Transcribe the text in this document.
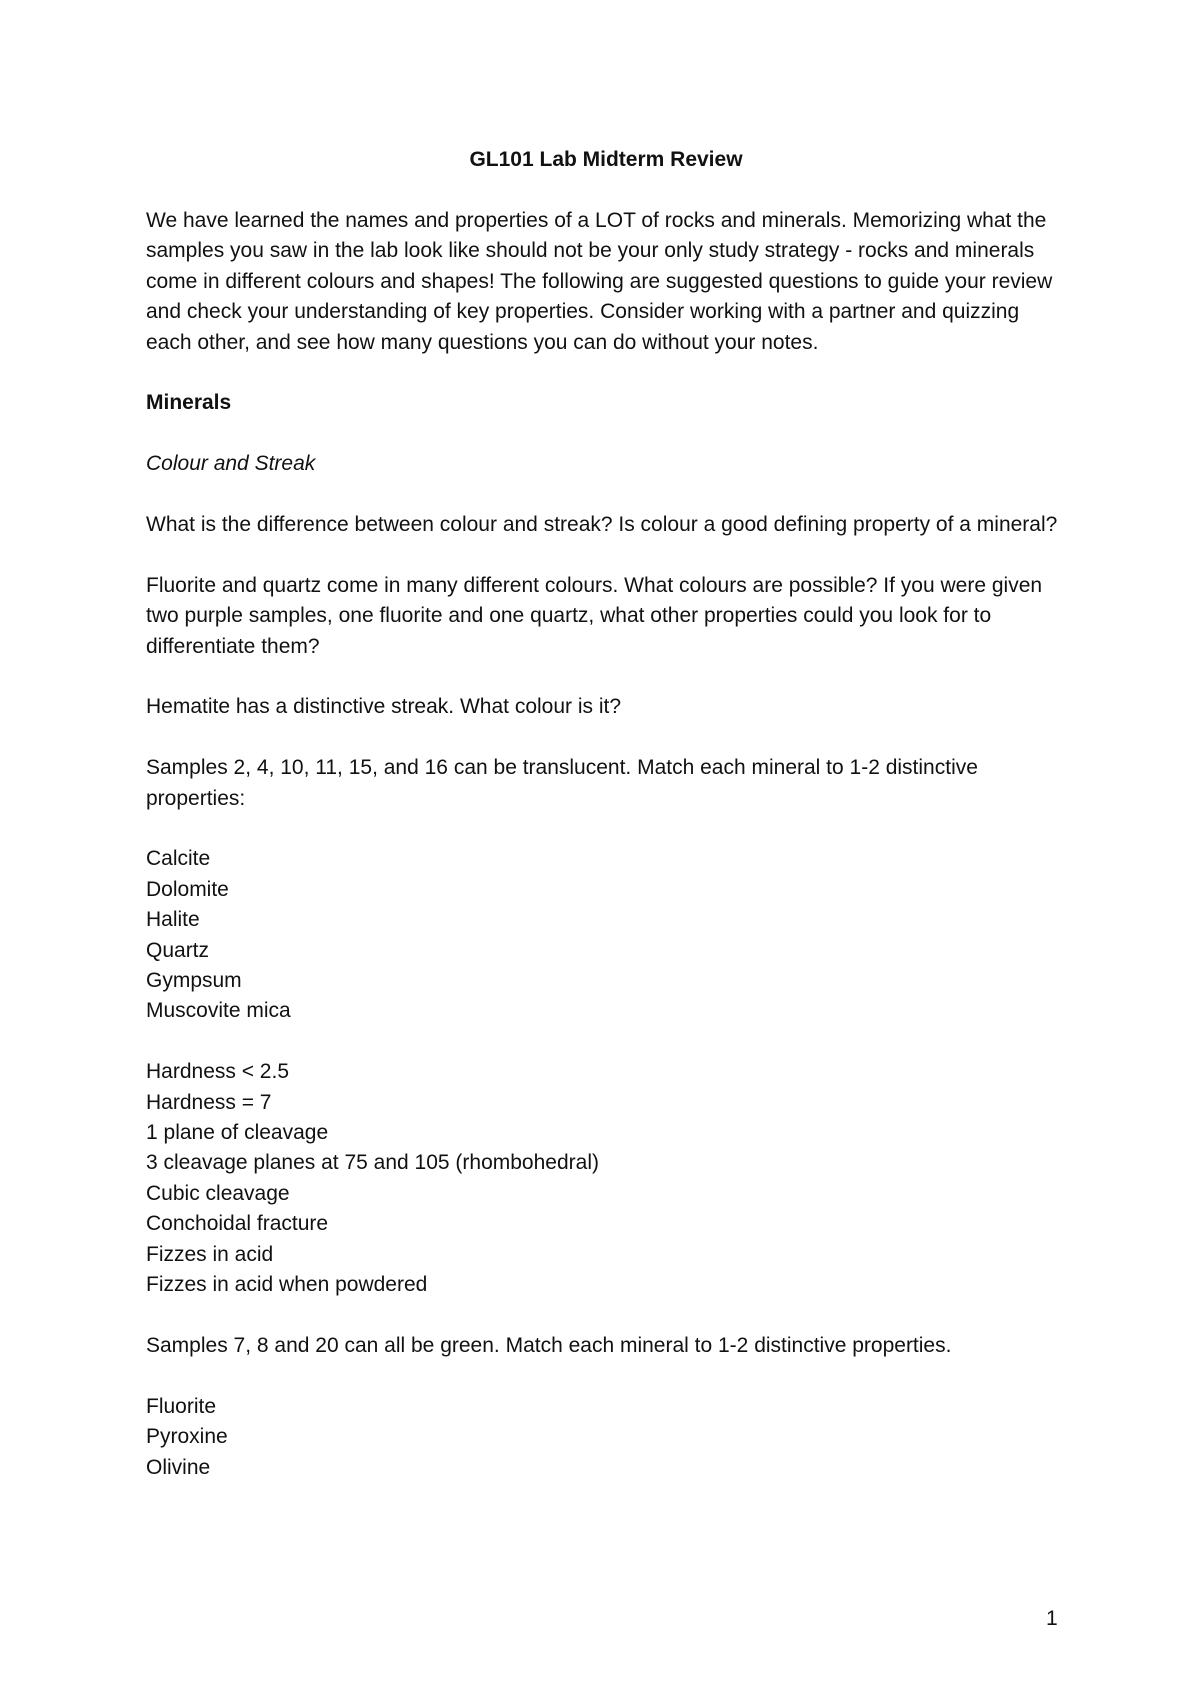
GL101 Lab Midterm Review

We have learned the names and properties of a LOT of rocks and minerals. Memorizing what the samples you saw in the lab look like should not be your only study strategy - rocks and minerals come in different colours and shapes! The following are suggested questions to guide your review and check your understanding of key properties. Consider working with a partner and quizzing each other, and see how many questions you can do without your notes.

Minerals

Colour and Streak

What is the difference between colour and streak? Is colour a good defining property of a mineral?

Fluorite and quartz come in many different colours. What colours are possible? If you were given two purple samples, one fluorite and one quartz, what other properties could you look for to differentiate them?

Hematite has a distinctive streak. What colour is it?

Samples 2, 4, 10, 11, 15, and 16 can be translucent. Match each mineral to 1-2 distinctive properties:

Calcite
Dolomite
Halite
Quartz
Gympsum
Muscovite mica
Hardness < 2.5
Hardness = 7
1 plane of cleavage
3 cleavage planes at 75 and 105 (rhombohedral)
Cubic cleavage
Conchoidal fracture
Fizzes in acid
Fizzes in acid when powdered

Samples 7, 8 and 20 can all be green. Match each mineral to 1-2 distinctive properties.

Fluorite
Pyroxine
Olivine
1
